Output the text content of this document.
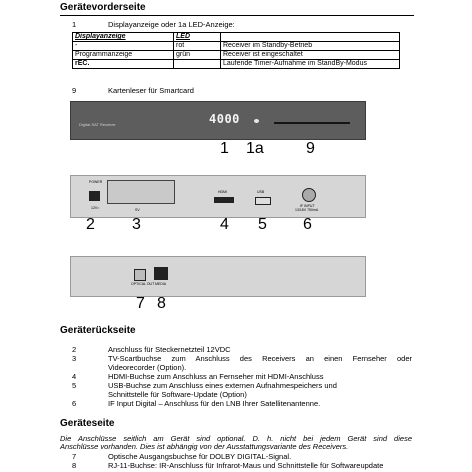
Gerätevorderseite
1	Displayanzeige oder 1a LED-Anzeige:
Displayanzeige	LED	
-	rot	Receiver im Standby-Betrieb
Programmanzeige	grün	Receiver ist eingeschaltet
rEC.		Laufende Timer-Aufnahme im StandBy-Modus
9	Kartenleser für Smartcard
Digital-SAT Receiver	4000
1 1a	9
POWER
12V=	SV
HDMI	USB
IF INPUT
13/18V 750mA
2 3	4 5 6
OPTICAL OUT MEDIA
7 8
Geräterückseite
2	Anschluss für Steckernetzteil 12VDC
3	TV-Scartbuchse zum Anschluss des Receivers an einen Fernseher oder
Videorecorder (Option).
4	HDMI-Buchse zum Anschluss an Fernseher mit HDMI-Anschluss
5	USB-Buchse zum Anschluss eines externen Aufnahmespeichers und
Schnittstelle für Software-Update (Option)
6	IF Input Digital – Anschluss für den LNB Ihrer Satellitenantenne.
Geräteseite
Die Anschlüsse seitlich am Gerät sind optional. D. h. nicht bei jedem Gerät sind diese
Anschlüsse vorhanden. Dies ist abhängig von der Ausstattungsvariante des Receivers.
7	Optische Ausgangsbuchse für DOLBY DIGITAL-Signal.
8	RJ-11-Buchse: IR-Anschluss für Infrarot-Maus und Schnittstelle für Softwareupdate
